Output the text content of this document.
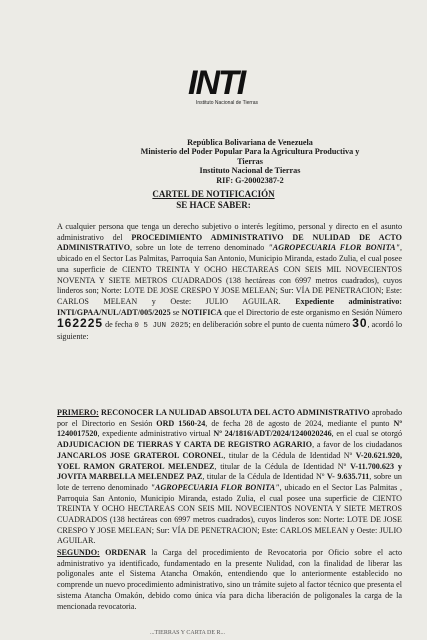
INTI
Instituto Nacional de Tierras
República Bolivariana de Venezuela
Ministerio del Poder Popular Para la Agricultura Productiva y Tierras
Instituto Nacional de Tierras
RIF: G-20002387-2
CARTEL DE NOTIFICACIÓN
SE HACE SABER:
A cualquier persona que tenga un derecho subjetivo o interés legítimo, personal y directo en el asunto administrativo del PROCEDIMIENTO ADMINISTRATIVO DE NULIDAD DE ACTO ADMINISTRATIVO, sobre un lote de terreno denominado "AGROPECUARIA FLOR BONITA", ubicado en el Sector Las Palmitas, Parroquia San Antonio, Municipio Miranda, estado Zulia, el cual posee una superficie de CIENTO TREINTA Y OCHO HECTAREAS CON SEIS MIL NOVECIENTOS NOVENTA Y SIETE METROS CUADRADOS (138 hectáreas con 6997 metros cuadrados), cuyos linderos son; Norte: LOTE DE JOSE CRESPO Y JOSE MELEAN; Sur: VÍA DE PENETRACION; Este: CARLOS MELEAN y Oeste: JULIO AGUILAR. Expediente administrativo: INTI/GPAA/NUL/ADT/005/2025 se NOTIFICA que el Directorio de este organismo en Sesión Número 162225 de fecha 0 5 JUN 2025; en deliberación sobre el punto de cuenta número 30, acordó lo siguiente:
PRIMERO: RECONOCER LA NULIDAD ABSOLUTA DEL ACTO ADMINISTRATIVO aprobado por el Directorio en Sesión ORD 1560-24, de fecha 28 de agosto de 2024, mediante el punto Nº 1240017520, expediente administrativo virtual Nº 24/1816/ADT/2024/1240020246, en el cual se otorgó ADJUDICACION DE TIERRAS Y CARTA DE REGISTRO AGRARIO, a favor de los ciudadanos JANCARLOS JOSE GRATEROL CORONEL, titular de la Cédula de Identidad Nº V-20.621.920, YOEL RAMON GRATEROL MELENDEZ, titular de la Cédula de Identidad Nº V-11.700.623 y JOVITA MARBELLA MELENDEZ PAZ, titular de la Cédula de Identidad Nº V- 9.635.711, sobre un lote de terreno denominado "AGROPECUARIA FLOR BONITA", ubicado en el Sector Las Palmitas , Parroquia San Antonio, Municipio Miranda, estado Zulia, el cual posee una superficie de CIENTO TREINTA Y OCHO HECTAREAS CON SEIS MIL NOVECIENTOS NOVENTA Y SIETE METROS CUADRADOS (138 hectáreas con 6997 metros cuadrados), cuyos linderos son: Norte: LOTE DE JOSE CRESPO Y JOSE MELEAN; Sur: VÍA DE PENETRACION; Este: CARLOS MELEAN y Oeste: JULIO AGUILAR.
SEGUNDO: ORDENAR la Carga del procedimiento de Revocatoria por Oficio sobre el acto administrativo ya identificado, fundamentado en la presente Nulidad, con la finalidad de liberar las poligonales ante el Sistema Atancha Omakón, entendiendo que lo anteriormente establecido no comprende un nuevo procedimiento administrativo, sino un trámite sujeto al factor técnico que presenta el sistema Atancha Omakón, debido como única vía para dicha liberación de poligonales la carga de la mencionada revocatoria.
...TIERRAS Y CARTA DE R...
